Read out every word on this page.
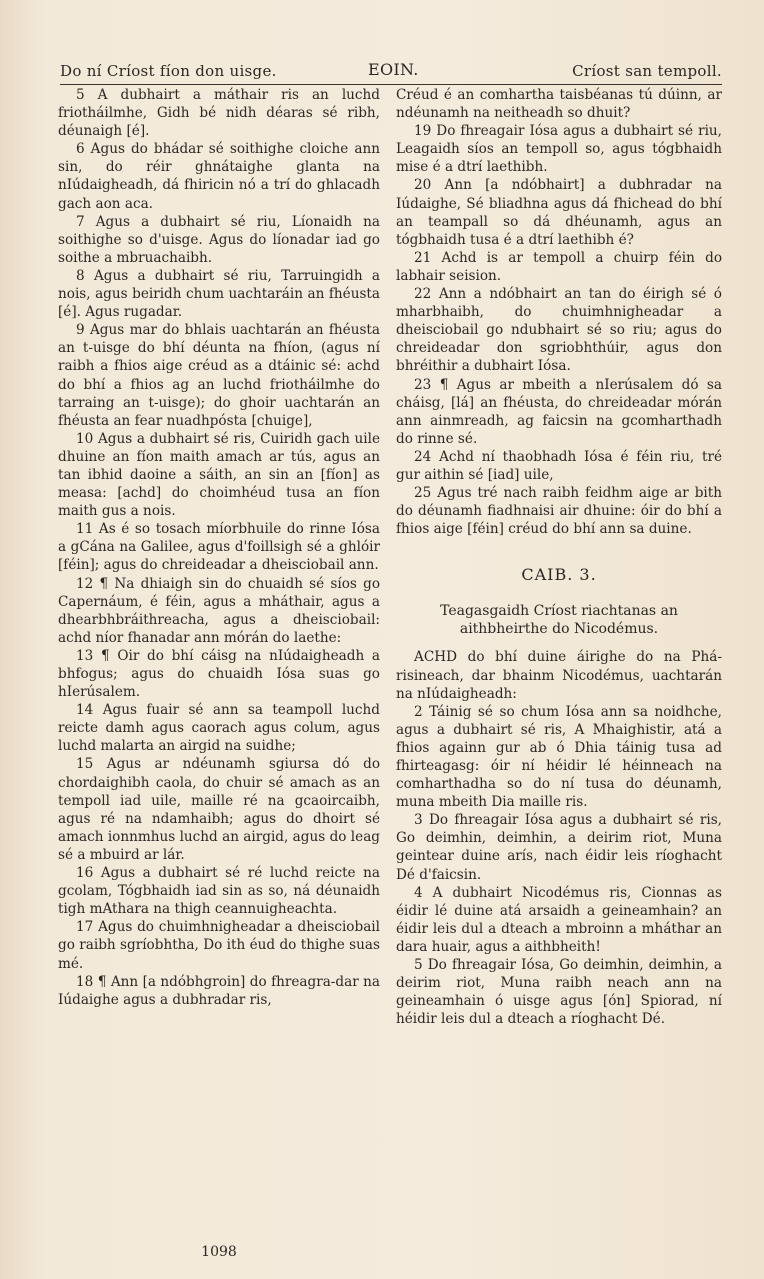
Do ní Críost fíon don uisge.	EOIN.	Críost san tempoll.

5 A dubhairt a máthair ris an luchd friotháilmhe, Gidh bé nidh déaras sé ribh, déunaigh [é].

6 Agus do bhádar sé soithighe cloiche ann sin, do réir ghnátaighe glanta na nIúdaigheadh, dá fhiricin nó a trí do ghlacadh gach aon aca.

7 Agus a dubhairt sé riu, Líonaidh na soithighe so d'uisge. Agus do líonadar iad go soithe a mbruachaibh.

8 Agus a dubhairt sé riu, Tarruingidh a nois, agus beiridh chum uachtaráin an fhéusta [é]. Agus rugadar.

9 Agus mar do bhlais uachtarán an fhéusta an t-uisge do bhí déunta na fhíon, (agus ní raibh a fhios aige créud as a dtáinic sé: achd do bhí a fhios ag an luchd friotháilmhe do tarraing an t-uisge); do ghoir uachtarán an fhéusta an fear nuadhpósta [chuige],

10 Agus a dubhairt sé ris, Cuiridh gach uile dhuine an fíon maith amach ar tús, agus an tan ibhid daoine a sáith, an sin an [fíon] as measa: [achd] do choimhéud tusa an fíon maith gus a nois.

11 As é so tosach míorbhuile do rinne Iósa a gCána na Galilee, agus d'foillsigh sé a ghlóir [féin]; agus do chreideadar a dheisciobail ann.

12 ¶ Na dhiaigh sin do chuaidh sé síos go Capernáum, é féin, agus a mháthair, agus a dhearbhbráithreacha, agus a dheisciobail: achd níor fhanadar ann mórán do laethe:

13 ¶ Oir do bhí cáisg na nIúdaigheadh a bhfogus; agus do chuaidh Iósa suas go hIerúsalem.

14 Agus fuair sé ann sa teampoll luchd reicte damh agus caorach agus colum, agus luchd malarta an airgid na suidhe;

15 Agus ar ndéunamh sgiursa dó do chordaighibh caola, do chuir sé amach as an tempoll iad uile, maille ré na gcaoircaibh, agus ré na ndamhaibh; agus do dhoirt sé amach ionnmhus luchd an airgid, agus do leag sé a mbuird ar lár.

16 Agus a dubhairt sé ré luchd reicte na gcolam, Tógbhaidh iad sin as so, ná déunaidh tigh mAthara na thigh ceannuigheachta.

17 Agus do chuimhnigheadar a dheisciobail go raibh sgríobhtha, Do ith éud do thighe suas mé.

18 ¶ Ann [a ndóbhgroin] do fhreagra-dar na Iúdaighe agus a dubhradar ris,

Créud é an comhartha taisbéanas tú dúinn, ar ndéunamh na neitheadh so dhuit?

19 Do fhreagair Iósa agus a dubhairt sé riu, Leagaidh síos an tempoll so, agus tógbhaidh mise é a dtrí laethibh.

20 Ann [a ndóbhairt] a dubhradar na Iúdaighe, Sé bliadhna agus dá fhichead do bhí an teampall so dá dhéunamh, agus an tógbhaidh tusa é a dtrí laethibh é?

21 Achd is ar tempoll a chuirp féin do labhair seision.

22 Ann a ndóbhairt an tan do éirigh sé ó mharbhaibh, do chuimhnigheadar a dheisciobail go ndubhairt sé so riu; agus do chreideadar don sgriobhthúir, agus don bhréithir a dubhairt Iósa.

23 ¶ Agus ar mbeith a nIerúsalem dó sa cháisg, [lá] an fhéusta, do chreideadar mórán ann ainmreadh, ag faicsin na gcomharthadh do rinne sé.

24 Achd ní thaobhadh Iósa é féin riu, tré gur aithin sé [iad] uile,

25 Agus tré nach raibh feidhm aige ar bith do déunamh fiadhnaisi air dhuine: óir do bhí a fhios aige [féin] créud do bhí ann sa duine.

CAIB. 3.
Teagasgaidh Críost riachtanas an aithbheirthe do Nicodémus.

ACHD do bhí duine áirighe do na Phá-risineach, dar bhainm Nicodémus, uachtarán na nIúdaigheadh:

2 Táinig sé so chum Iósa ann sa noidhche, agus a dubhairt sé ris, A Mhaighistir, atá a fhios againn gur ab ó Dhia táinig tusa ad fhirteagasg: óir ní héidir lé héinneach na comharthadha so do ní tusa do déunamh, muna mbeith Dia maille ris.

3 Do fhreagair Iósa agus a dubhairt sé ris, Go deimhin, deimhin, a deirim riot, Muna geintear duine arís, nach éidir leis ríoghacht Dé d'faicsin.

4 A dubhairt Nicodémus ris, Cionnas as éidir lé duine atá arsaidh a geineamhain? an éidir leis dul a dteach a mbroinn a mháthar an dara huair, agus a aithbheith!

5 Do fhreagair Iósa, Go deimhin, deimhin, a deirim riot, Muna raibh neach ann na geineamhain ó uisge agus [ón] Spiorad, ní héidir leis dul a dteach a ríoghacht Dé.

1098
